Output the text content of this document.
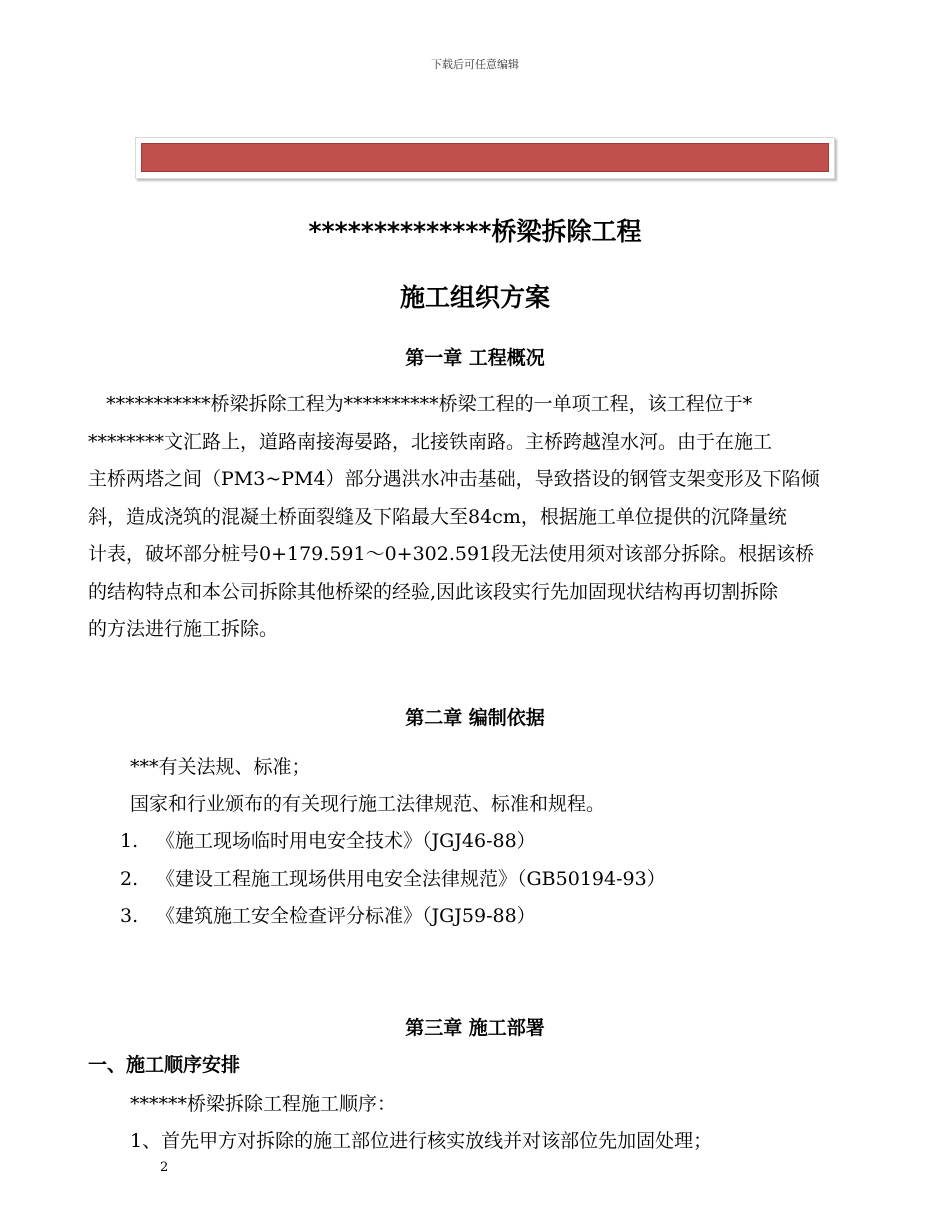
下载后可任意编辑
**************桥梁拆除工程
施工组织方案
第一章 工程概况

***********桥梁拆除工程为**********桥梁工程的一单项工程，该工程位于*

********文汇路上，道路南接海晏路，北接铁南路。主桥跨越湟水河。由于在施工

主桥两塔之间（PM3~PM4）部分遇洪水冲击基础，导致搭设的钢管支架变形及下陷倾

斜，造成浇筑的混凝土桥面裂缝及下陷最大至84cm，根据施工单位提供的沉降量统

计表，破坏部分桩号0+179.591～0+302.591段无法使用须对该部分拆除。根据该桥

的结构特点和本公司拆除其他桥梁的经验,因此该段实行先加固现状结构再切割拆除

的方法进行施工拆除。

第二章 编制依据
***有关法规、标准；
国家和行业颁布的有关现行施工法律规范、标准和规程。
1. 《施工现场临时用电安全技术》（JGJ46-88）
2. 《建设工程施工现场供用电安全法律规范》（GB50194-93）
3. 《建筑施工安全检查评分标准》（JGJ59-88）
第三章 施工部署
一、施工顺序安排
******桥梁拆除工程施工顺序：
1、首先甲方对拆除的施工部位进行核实放线并对该部位先加固处理；
2
